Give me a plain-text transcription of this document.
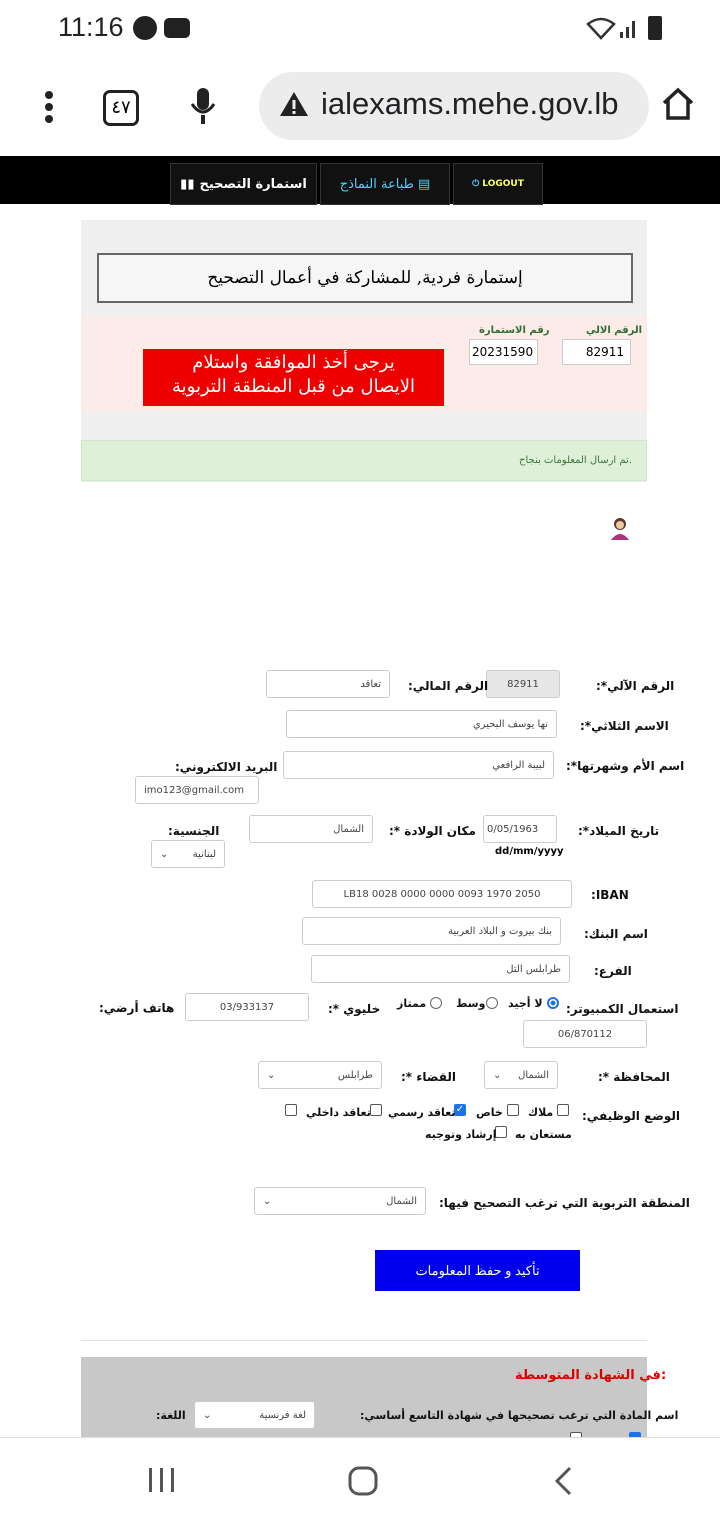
11:16
٤٧	ialexams.mehe.gov.lb
▮▮ استمارة التصحيح	طباعة النماذج ▤	⏻ LOGOUT
إستمارة فردية, للمشاركة في أعمال التصحيح
الرقم الالي
82911
رقم الاستمارة
20231590
يرجى أخذ الموافقة واستلام
الايصال من قبل المنطقة التربوية
تم ارسال المعلومات بنجاح.
الرقم الآلي*:
82911
الرقم المالي:
تعاقد
الاسم الثلاثي*:
نها يوسف البحيري
اسم الأم وشهرتها*:
لبيبة الرافعي
البريد الالكتروني:
imo123@gmail.com
تاريخ الميلاد*:
0/05/1963
dd/mm/yyyy
مكان الولادة *:
الشمال
الجنسية:
⌄ لبنانية
IBAN:
LB18 0028 0000 0000 0093 1970 2050
اسم البنك:
بنك بيروت و البلاد العربية
الفرع:
طرابلس التل
استعمال الكمبيوتر:
لا أجيد
وسط
ممتاز
خليوي *:
03/933137
هاتف أرضي:
06/870112
المحافظة *:
⌄ الشمال
القضاء *:
⌄	طرابلس
الوضع الوظيفي:
ملاك
خاص
✓
تعاقد رسمي
تعاقد داخلي
مستعان به
إرشاد وتوجيه
المنطقة التربوية التي ترغب التصحيح فيها:
⌄	الشمال
تأكيد و حفظ المعلومات
في الشهادة المتوسطة:
اسم المادة التي ترغب تصحيحها في شهادة التاسع أساسي:
اللغة: ⌄	لغة فرنسية
